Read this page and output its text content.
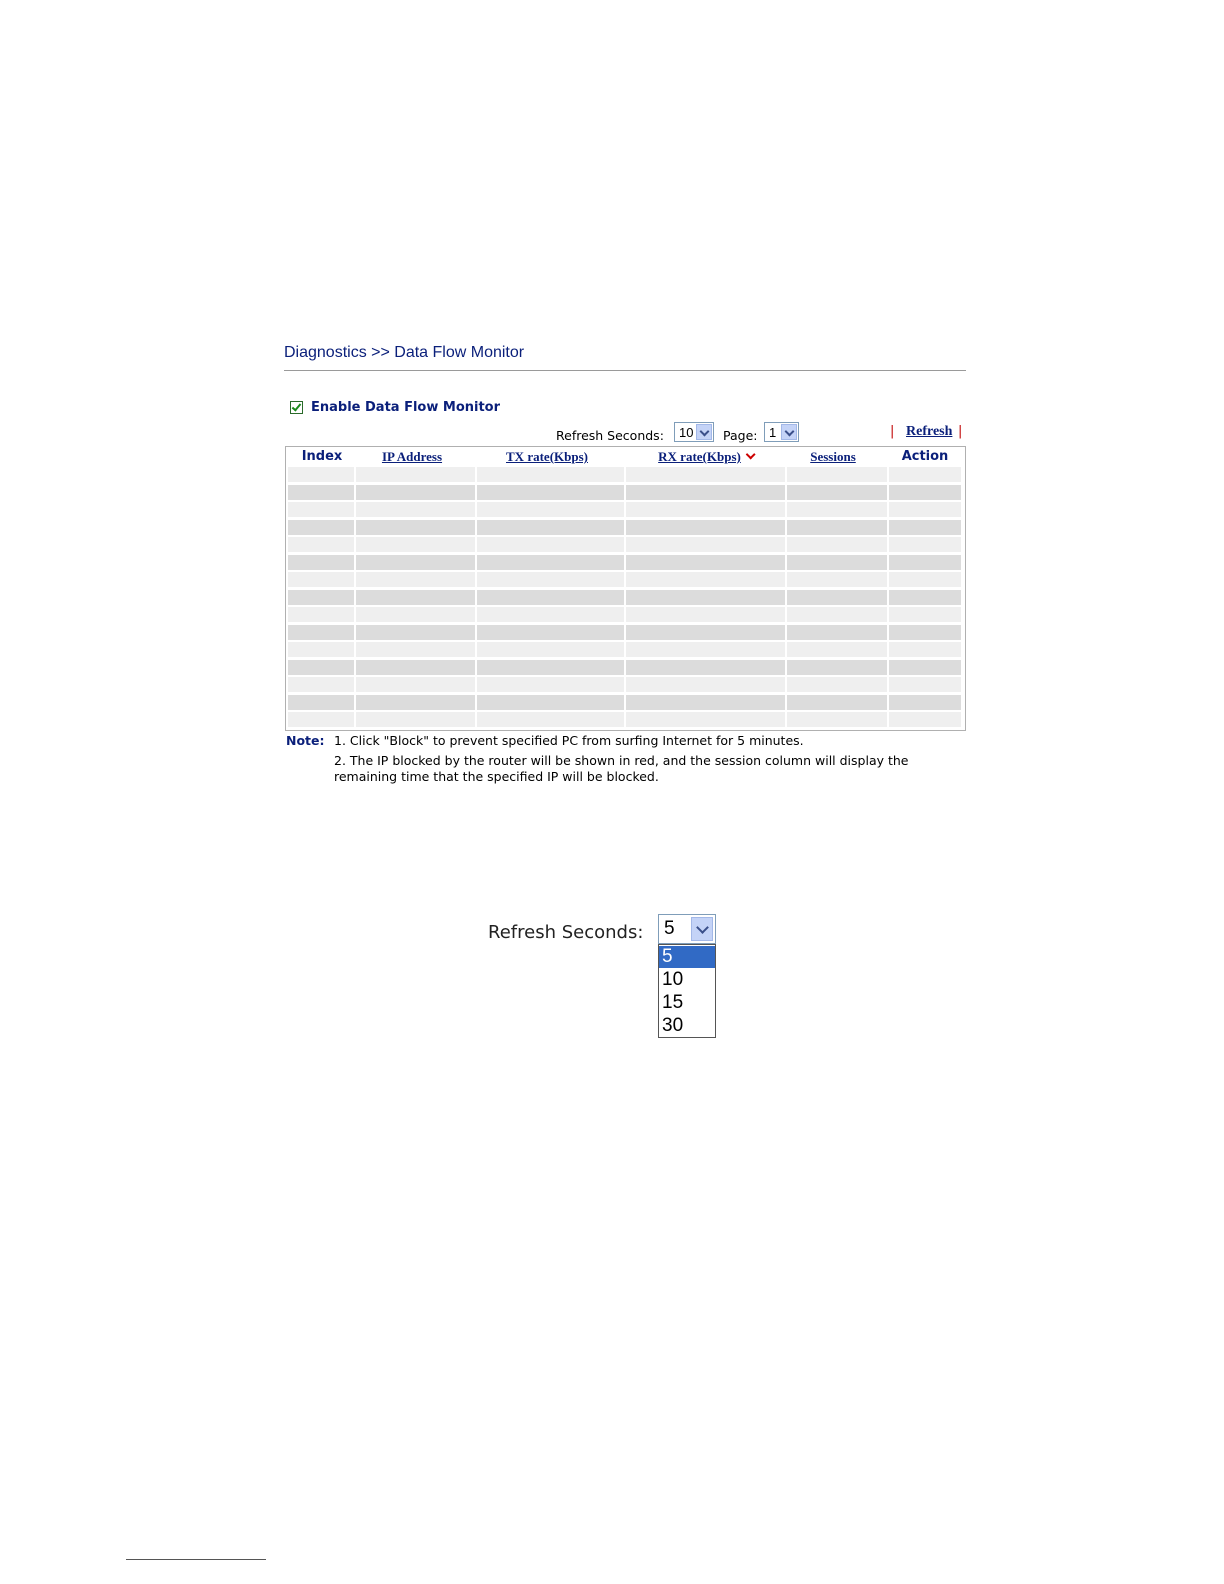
Diagnostics >> Data Flow Monitor
Enable Data Flow Monitor
Refresh Seconds: 10 Page: 1	| Refresh |
Index	IP Address	TX rate(Kbps)	RX rate(Kbps)	Sessions	Action
Note: 1. Click "Block" to prevent specified PC from surfing Internet for 5 minutes.
2. The IP blocked by the router will be shown in red, and the session column will display the
remaining time that the specified IP will be blocked.
Refresh Seconds: 5
5
10
15
30
